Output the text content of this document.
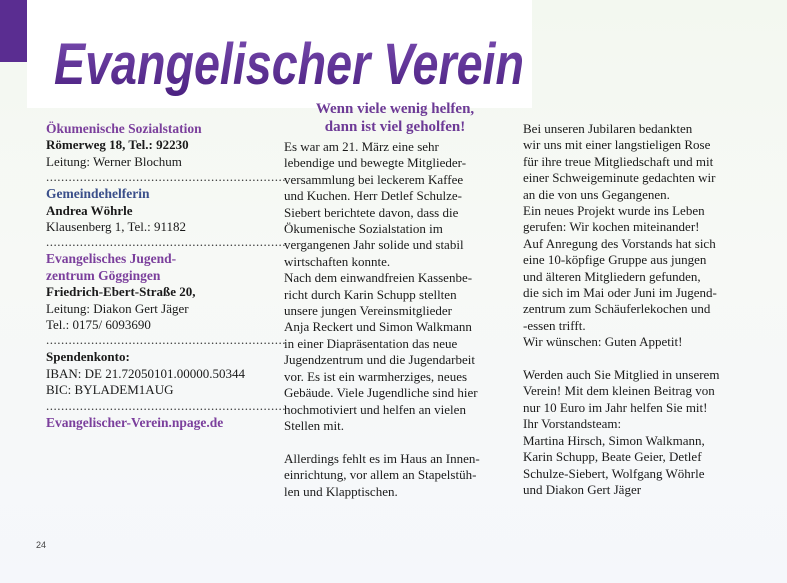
Evangelischer Verein
Ökumenische Sozialstation
Römerweg 18, Tel.: 92230
Leitung: Werner Blochum
................................................................
Gemeindehelferin
Andrea Wöhrle
Klausenberg 1, Tel.: 91182
................................................................
Evangelisches Jugend-
zentrum Göggingen
Friedrich-Ebert-Straße 20,
Leitung: Diakon Gert Jäger
Tel.: 0175/ 6093690
................................................................
Spendenkonto:
IBAN: DE 21.72050101.00000.50344
BIC: BYLADEM1AUG
................................................................
Evangelischer-Verein.npage.de
Wenn viele wenig helfen,
dann ist viel geholfen!
Es war am 21. März eine sehr
lebendige und bewegte Mitglieder-
versammlung bei leckerem Kaffee
und Kuchen. Herr Detlef Schulze-
Siebert berichtete davon, dass die
Ökumenische Sozialstation im
vergangenen Jahr solide und stabil
wirtschaften konnte.
Nach dem einwandfreien Kassenbe-
richt durch Karin Schupp stellten
unsere jungen Vereinsmitglieder
Anja Reckert und Simon Walkmann
in einer Diapräsentation das neue
Jugendzentrum und die Jugendarbeit
vor. Es ist ein warmherziges, neues
Gebäude. Viele Jugendliche sind hier
hochmotiviert und helfen an vielen
Stellen mit.
Allerdings fehlt es im Haus an Innen-
einrichtung, vor allem an Stapelstüh-
len und Klapptischen.
Bei unseren Jubilaren bedankten
wir uns mit einer langstieligen Rose
für ihre treue Mitgliedschaft und mit
einer Schweigeminute gedachten wir
an die von uns Gegangenen.
Ein neues Projekt wurde ins Leben
gerufen: Wir kochen miteinander!
Auf Anregung des Vorstands hat sich
eine 10-köpfige Gruppe aus jungen
und älteren Mitgliedern gefunden,
die sich im Mai oder Juni im Jugend-
zentrum zum Schäuferlekochen und
-essen trifft.
Wir wünschen: Guten Appetit!
Werden auch Sie Mitglied in unserem
Verein! Mit dem kleinen Beitrag von
nur 10 Euro im Jahr helfen Sie mit!
Ihr Vorstandsteam:
Martina Hirsch, Simon Walkmann,
Karin Schupp, Beate Geier, Detlef
Schulze-Siebert, Wolfgang Wöhrle
und Diakon Gert Jäger
24
